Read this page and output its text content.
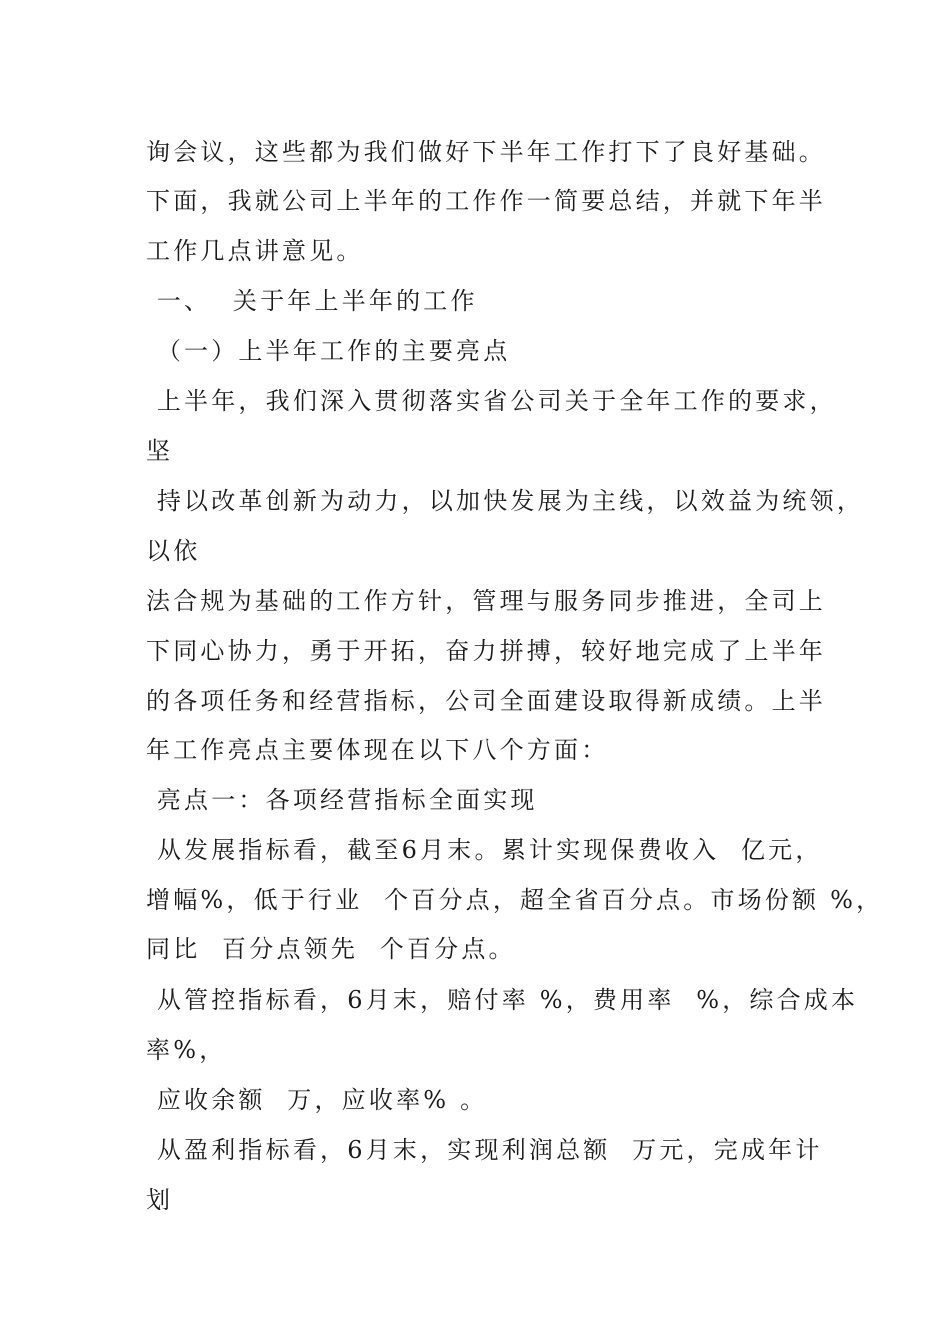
询会议，这些都为我们做好下半年工作打下了良好基础。
下面，我就公司上半年的工作作一简要总结，并就下年半
工作几点讲意见。
一、  关于年上半年的工作
（一）上半年工作的主要亮点
上半年，我们深入贯彻落实省公司关于全年工作的要求，
坚
持以改革创新为动力，以加快发展为主线，以效益为统领，
以依
法合规为基础的工作方针，管理与服务同步推进，全司上
下同心协力，勇于开拓，奋力拼搏，较好地完成了上半年
的各项任务和经营指标，公司全面建设取得新成绩。上半
年工作亮点主要体现在以下八个方面：
亮点一：各项经营指标全面实现
从发展指标看，截至6月末。累计实现保费收入  亿元，
增幅%，低于行业  个百分点，超全省百分点。市场份额 %，
同比  百分点领先  个百分点。
从管控指标看，6月末，赔付率 %，费用率  %，综合成本
率%，
应收余额  万，应收率% 。
从盈利指标看，6月末，实现利润总额  万元，完成年计
划
